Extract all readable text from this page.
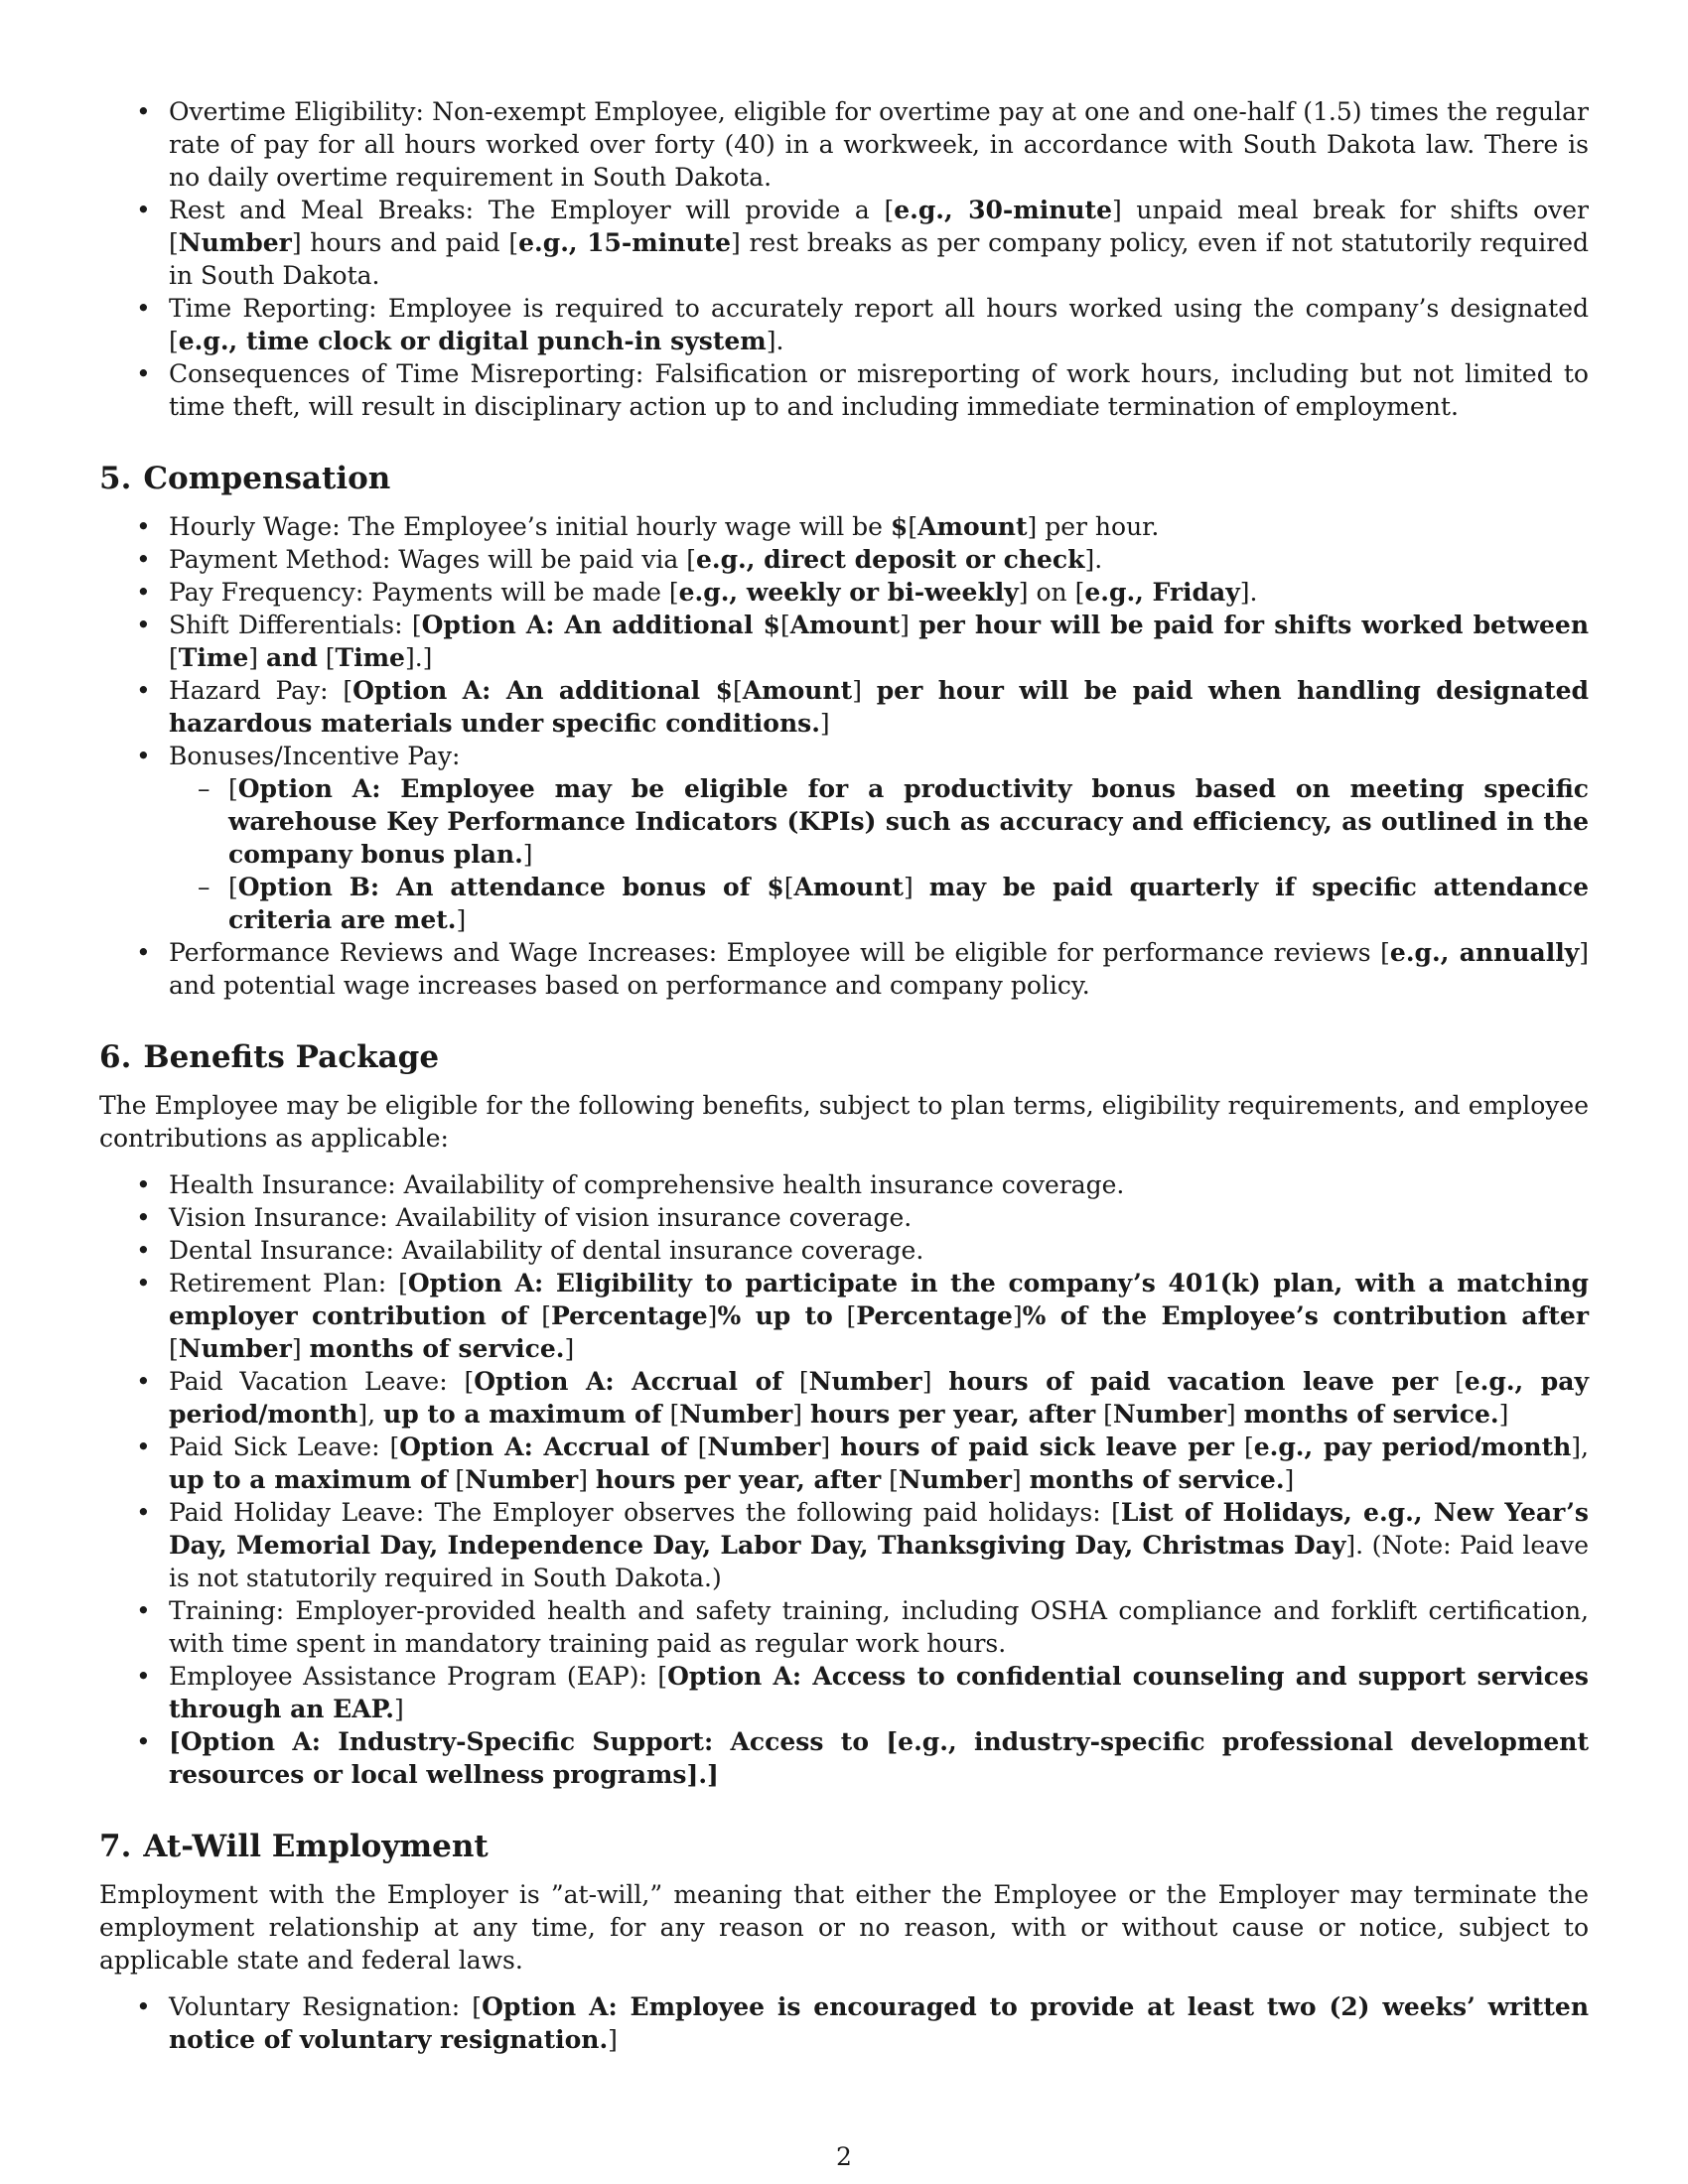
• Overtime Eligibility: Non-exempt Employee, eligible for overtime pay at one and one-half (1.5) times the regular rate of pay for all hours worked over forty (40) in a workweek, in accordance with South Dakota law. There is no daily overtime requirement in South Dakota.
• Rest and Meal Breaks: The Employer will provide a [e.g., 30-minute] unpaid meal break for shifts over [Number] hours and paid [e.g., 15-minute] rest breaks as per company policy, even if not statutorily required in South Dakota.
• Time Reporting: Employee is required to accurately report all hours worked using the company’s designated [e.g., time clock or digital punch-in system].
• Consequences of Time Misreporting: Falsification or misreporting of work hours, including but not limited to time theft, will result in disciplinary action up to and including immediate termination of employment.
5. Compensation
• Hourly Wage: The Employee’s initial hourly wage will be $[Amount] per hour.
• Payment Method: Wages will be paid via [e.g., direct deposit or check].
• Pay Frequency: Payments will be made [e.g., weekly or bi-weekly] on [e.g., Friday].
• Shift Differentials: [Option A: An additional $[Amount] per hour will be paid for shifts worked between [Time] and [Time].]
• Hazard Pay: [Option A: An additional $[Amount] per hour will be paid when handling designated hazardous materials under specific conditions.]
• Bonuses/Incentive Pay:
– [Option A: Employee may be eligible for a productivity bonus based on meeting specific warehouse Key Performance Indicators (KPIs) such as accuracy and efficiency, as outlined in the company bonus plan.]
– [Option B: An attendance bonus of $[Amount] may be paid quarterly if specific attendance criteria are met.]
• Performance Reviews and Wage Increases: Employee will be eligible for performance reviews [e.g., annually] and potential wage increases based on performance and company policy.
6. Benefits Package

The Employee may be eligible for the following benefits, subject to plan terms, eligibility requirements, and employee contributions as applicable:

• Health Insurance: Availability of comprehensive health insurance coverage.
• Vision Insurance: Availability of vision insurance coverage.
• Dental Insurance: Availability of dental insurance coverage.
• Retirement Plan: [Option A: Eligibility to participate in the company’s 401(k) plan, with a matching employer contribution of [Percentage]% up to [Percentage]% of the Employee’s contribution after [Number] months of service.]
• Paid Vacation Leave: [Option A: Accrual of [Number] hours of paid vacation leave per [e.g., pay period/month], up to a maximum of [Number] hours per year, after [Number] months of service.]
• Paid Sick Leave: [Option A: Accrual of [Number] hours of paid sick leave per [e.g., pay period/month], up to a maximum of [Number] hours per year, after [Number] months of service.]
• Paid Holiday Leave: The Employer observes the following paid holidays: [List of Holidays, e.g., New Year’s Day, Memorial Day, Independence Day, Labor Day, Thanksgiving Day, Christmas Day]. (Note: Paid leave is not statutorily required in South Dakota.)
• Training: Employer-provided health and safety training, including OSHA compliance and forklift certification, with time spent in mandatory training paid as regular work hours.
• Employee Assistance Program (EAP): [Option A: Access to confidential counseling and support services through an EAP.]
• [Option A: Industry-Specific Support: Access to [e.g., industry-specific professional development resources or local wellness programs].]
7. At-Will Employment

Employment with the Employer is ”at-will,” meaning that either the Employee or the Employer may terminate the employment relationship at any time, for any reason or no reason, with or without cause or notice, subject to applicable state and federal laws.

• Voluntary Resignation: [Option A: Employee is encouraged to provide at least two (2) weeks’ written notice of voluntary resignation.]
2
